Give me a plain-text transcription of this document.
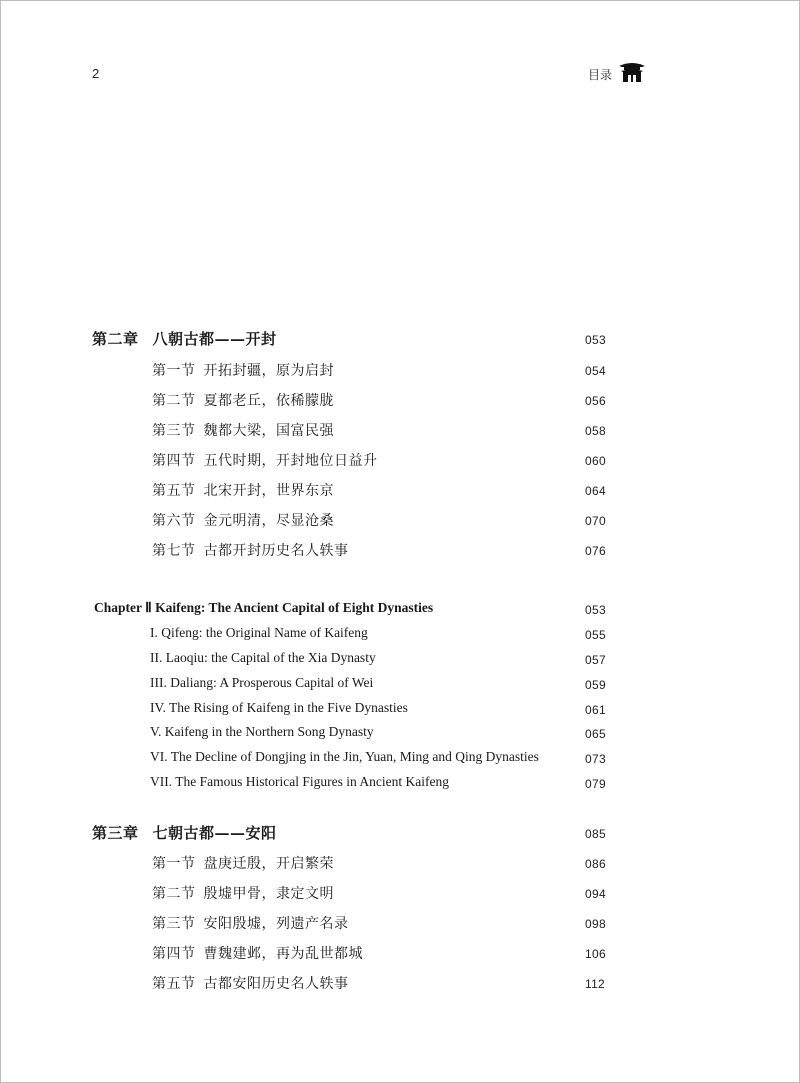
2	目录
第二章 八朝古都——开封	053
第一节 开拓封疆，原为启封	054
第二节 夏都老丘，依稀朦胧	056
第三节 魏都大梁，国富民强	058
第四节 五代时期，开封地位日益升	060
第五节 北宋开封，世界东京	064
第六节 金元明清，尽显沧桑	070
第七节 古都开封历史名人轶事	076
Chapter Ⅱ Kaifeng: The Ancient Capital of Eight Dynasties	053
I. Qifeng: the Original Name of Kaifeng	055
II. Laoqiu: the Capital of the Xia Dynasty	057
III. Daliang: A Prosperous Capital of Wei	059
IV. The Rising of Kaifeng in the Five Dynasties	061
V. Kaifeng in the Northern Song Dynasty	065
VI. The Decline of Dongjing in the Jin, Yuan, Ming and Qing Dynasties	073
VII. The Famous Historical Figures in Ancient Kaifeng	079
第三章 七朝古都——安阳	085
第一节 盘庚迁殷，开启繁荣	086
第二节 殷墟甲骨，隶定文明	094
第三节 安阳殷墟，列遗产名录	098
第四节 曹魏建邺，再为乱世都城	106
第五节 古都安阳历史名人轶事	112
